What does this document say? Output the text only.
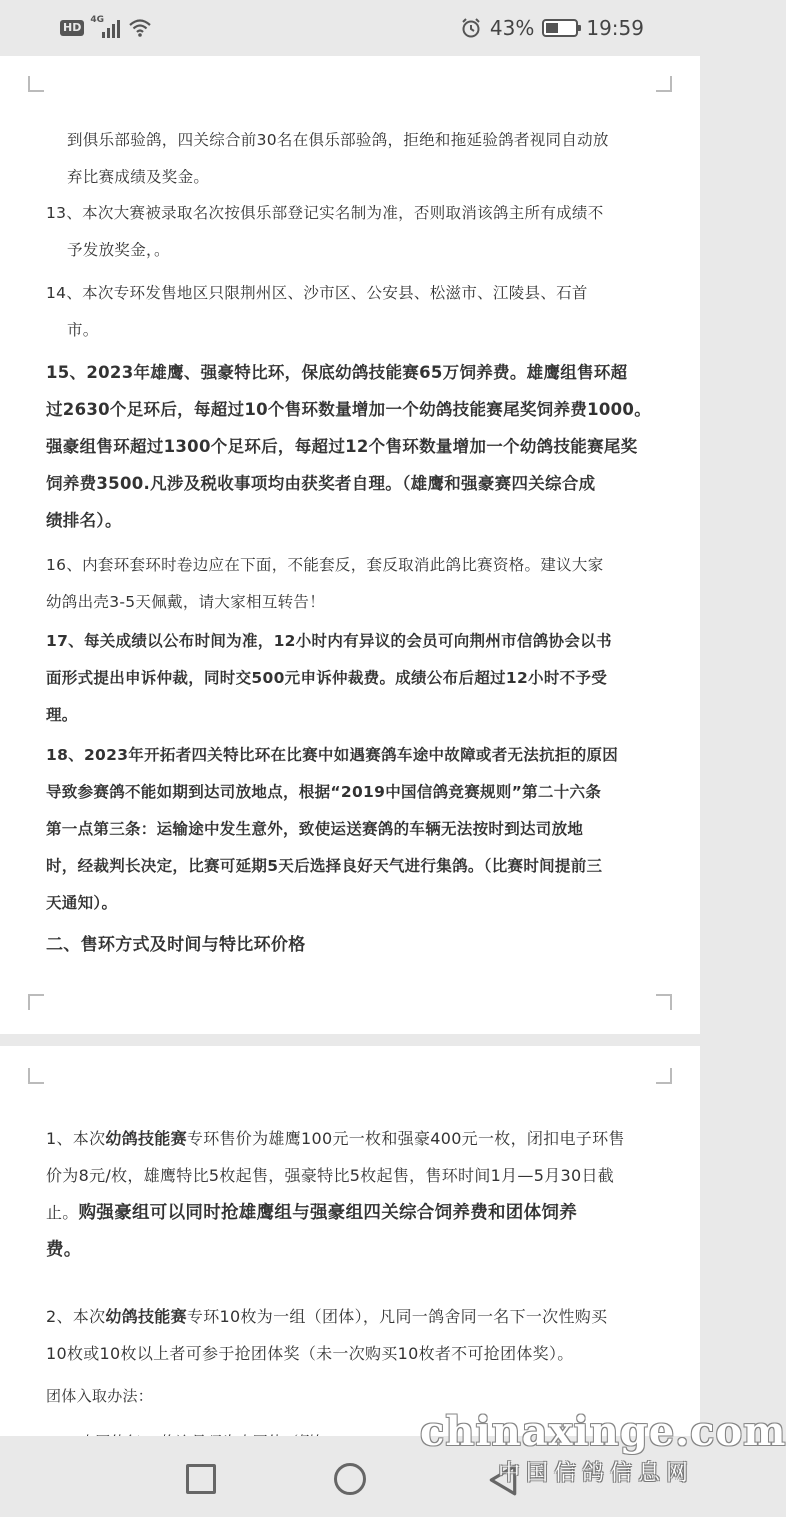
HD
4G	43%	19:59

到俱乐部验鸽，四关综合前30名在俱乐部验鸽，拒绝和拖延验鸽者视同自动放
弃比赛成绩及奖金。

13、本次大赛被录取名次按俱乐部登记实名制为准，否则取消该鸽主所有成绩不
予发放奖金，。

14、本次专环发售地区只限荆州区、沙市区、公安县、松滋市、江陵县、石首
市。

15、2023年雄鹰、强豪特比环，保底幼鸽技能赛65万饲养费。雄鹰组售环超
过2630个足环后，每超过10个售环数量增加一个幼鸽技能赛尾奖饲养费1000。
强豪组售环超过1300个足环后，每超过12个售环数量增加一个幼鸽技能赛尾奖
饲养费3500.凡涉及税收事项均由获奖者自理。（雄鹰和强豪赛四关综合成
绩排名）。

16、内套环套环时卷边应在下面，不能套反，套反取消此鸽比赛资格。建议大家
幼鸽出壳3-5天佩戴，请大家相互转告！

17、每关成绩以公布时间为准，12小时内有异议的会员可向荆州市信鸽协会以书
面形式提出申诉仲裁，同时交500元申诉仲裁费。成绩公布后超过12小时不予受
理。

18、2023年开拓者四关特比环在比赛中如遇赛鸽车途中故障或者无法抗拒的原因
导致参赛鸽不能如期到达司放地点，根据“2019中国信鸽竞赛规则”第二十六条
第一点第三条：运输途中发生意外，致使运送赛鸽的车辆无法按时到达司放地
时，经裁判长决定，比赛可延期5天后选择良好天气进行集鸽。（比赛时间提前三
天通知）。

二、售环方式及时间与特比环价格

1、本次幼鸽技能赛专环售价为雄鹰100元一枚和强豪400元一枚，闭扣电子环售
价为8元/枚，雄鹰特比5枚起售，强豪特比5枚起售，售环时间1月—5月30日截
止。购强豪组可以同时抢雄鹰组与强豪组四关综合饲养费和团体饲养
费。

2、本次幼鸽技能赛专环10枚为一组（团体），凡同一鸽舍同一名下一次性购买
10枚或10枚以上者可参于抢团体奖（未一次购买10枚者不可抢团体奖）。

团体入取办法：

chinaxinge.com
中国信鸽信息网
